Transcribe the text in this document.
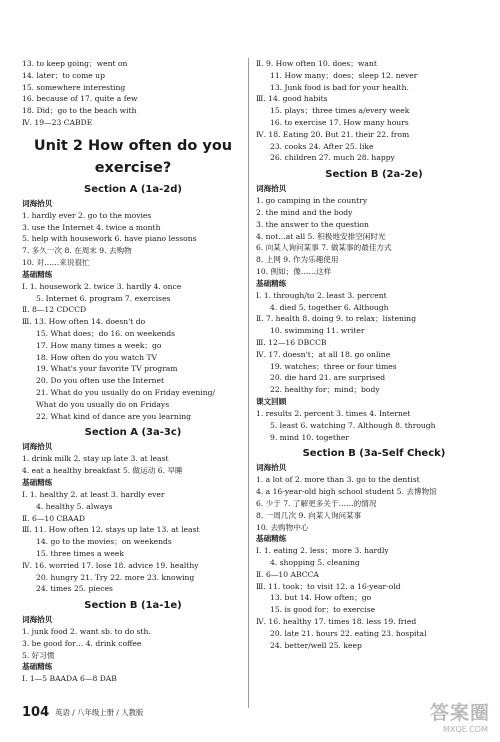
13. to keep going；went on
14. later；to come up
15. somewhere interesting
16. because of 17. quite a few
18. Did；go to the beach with
Ⅳ. 19—23 CABDE
Unit 2 How often do you
exercise?
Section A (1a-2d)
词海拾贝
1. hardly ever 2. go to the movies
3. use the Internet 4. twice a month
5. help with housework 6. have piano lessons
7. 多久一次 8. 在周末 9. 去购物
10. 对……来说很忙
基础精练
Ⅰ. 1. housework 2. twice 3. hardly 4. once
5. Internet 6. program 7. exercises
Ⅱ. 8—12 CDCCD
Ⅲ. 13. How often 14. doesn't do
15. What does；do 16. on weekends
17. How many times a week；go
18. How often do you watch TV
19. What's your favorite TV program
20. Do you often use the Internet
21. What do you usually do on Friday evening/
What do you usually do on Fridays
22. What kind of dance are you learning
Section A (3a-3c)
词海拾贝
1. drink milk 2. stay up late 3. at least
4. eat a healthy breakfast 5. 做运动 6. 早睡
基础精练
Ⅰ. 1. healthy 2. at least 3. hardly ever
4. healthy 5. always
Ⅱ. 6—10 CBAAD
Ⅲ. 11. How often 12. stays up late 13. at least
14. go to the movies；on weekends
15. three times a week
Ⅳ. 16. worried 17. lose 18. advice 19. healthy
20. hungry 21. Try 22. more 23. knowing
24. times 25. pieces
Section B (1a-1e)
词海拾贝
1. junk food 2. want sb. to do sth.
3. be good for… 4. drink coffee
5. 好习惯
基础精练
Ⅰ. 1—5 BAADA 6—8 DAB
Ⅱ. 9. How often 10. does；want
11. How many；does；sleep 12. never
13. Junk food is bad for your health.
Ⅲ. 14. good habits
15. plays；three times a/every week
16. to exercise 17. How many hours
Ⅳ. 18. Eating 20. But 21. their 22. from
23. cooks 24. After 25. like
26. children 27. much 28. happy
Section B (2a-2e)
词海拾贝
1. go camping in the country
2. the mind and the body
3. the answer to the question
4. not…at all 5. 积极地安排空闲时光
6. 向某人询问某事 7. 做某事的最佳方式
8. 上网 9. 作为乐趣使用
10. 例如；像……这样
基础精练
Ⅰ. 1. through/to 2. least 3. percent
4. died 5. together 6. Although
Ⅱ. 7. health 8. doing 9. to relax；listening
10. swimming 11. writer
Ⅲ. 12—16 DBCCB
Ⅳ. 17. doesn't；at all 18. go online
19. watches；three or four times
20. die hard 21. are surprised
22. healthy for；mind；body
课文回顾
1. results 2. percent 3. times 4. Internet
5. least 6. watching 7. Although 8. through
9. mind 10. together
Section B (3a-Self Check)
词海拾贝
1. a lot of 2. more than 3. go to the dentist
4. a 16-year-old high school student 5. 去博物馆
6. 少于 7. 了解更多关于……的情况
8. 一周几次 9. 向某人询问某事
10. 去购物中心
基础精练
Ⅰ. 1. eating 2. less；more 3. hardly
4. shopping 5. cleaning
Ⅱ. 6—10 ABCCA
Ⅲ. 11. took；to visit 12. a 16-year-old
13. but 14. How often；go
15. is good for；to exercise
Ⅳ. 16. healthy 17. times 18. less 19. fried
20. late 21. hours 22. eating 23. hospital
24. better/well 25. keep
104 英语 / 八年级上册 / 人教版	答案圈
MXQE.COM
